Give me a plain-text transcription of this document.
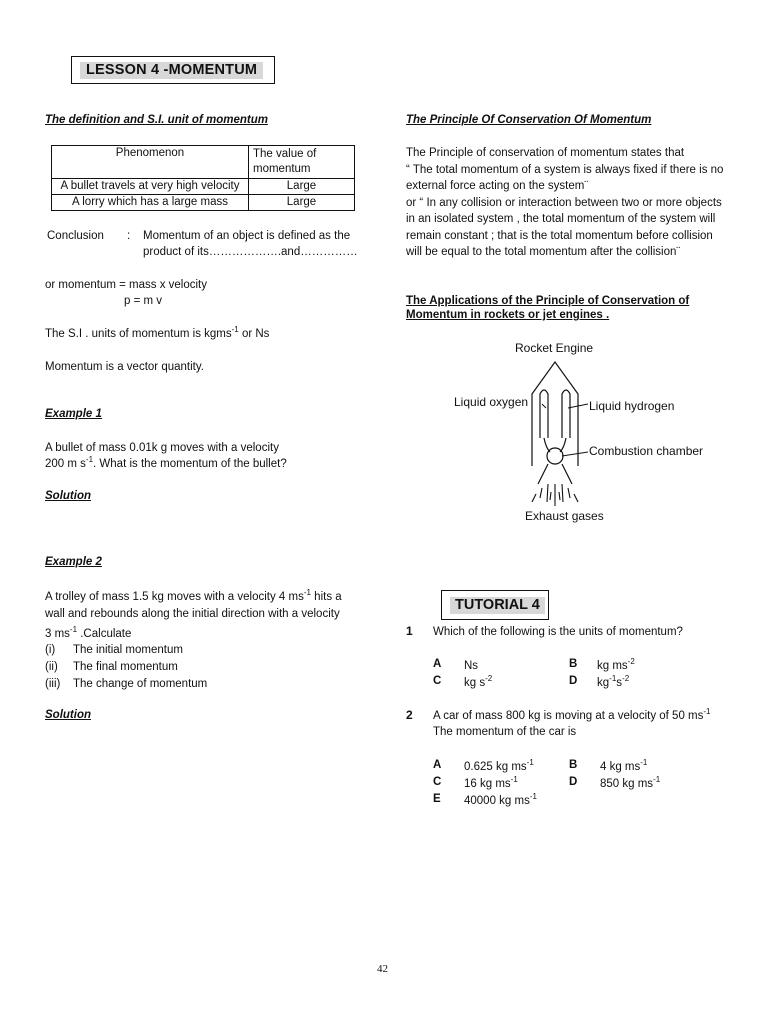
LESSON 4 -MOMENTUM
The definition and S.I. unit of momentum
Phenomenon	The value of momentum
A bullet travels at very high velocity	Large
A lorry which has a large mass	Large
Conclusion : Momentum of an object is defined as the
product of its……………….and……………
or momentum = mass x velocity
p = m v
The S.I . units of momentum is kgms$^{-1}$ or Ns
Momentum is a vector quantity.
Example 1
A bullet of mass 0.01k g moves with a velocity
200 m $s^{-1}$. What is the momentum of the bullet?
Solution
Example 2
A trolley of mass 1.5 kg moves with a velocity 4 $ms^{-1}$ hits a
wall and rebounds along the initial direction with a velocity
3 $ms^{-1}$ .Calculate
(i) The initial momentum
(ii) The final momentum
(iii) The change of momentum
Solution
The Principle Of Conservation Of Momentum
The Principle of conservation of momentum states that
“ The total momentum of a system is always fixed if there is no
external force acting on the system¨
or “ In any collision or interaction between two or more objects
in an isolated system , the total momentum of the system will
remain constant ; that is the total momentum before collision
will be equal to the total momentum after the collision¨
The Applications of the Principle of Conservation of
Momentum in rockets or jet engines .
Rocket Engine
Liquid oxygen	Liquid hydrogen
Combustion chamber
Exhaust gases
TUTORIAL 4
1 Which of the following is the units of momentum?
A Ns	B kg $ms^{-2}$
C kg $s^{-2}$	D $kg^{-1}s^{-2}$
2 A car of mass 800 kg is moving at a velocity of 50 $ms^{-1}$
The momentum of the car is
A 0.625 kg $ms^{-1}$	B 4 kg $ms^{-1}$
C 16 kg $ms^{-1}$	D 850 kg $ms^{-1}$
E 40000 kg $ms^{-1}$
42
